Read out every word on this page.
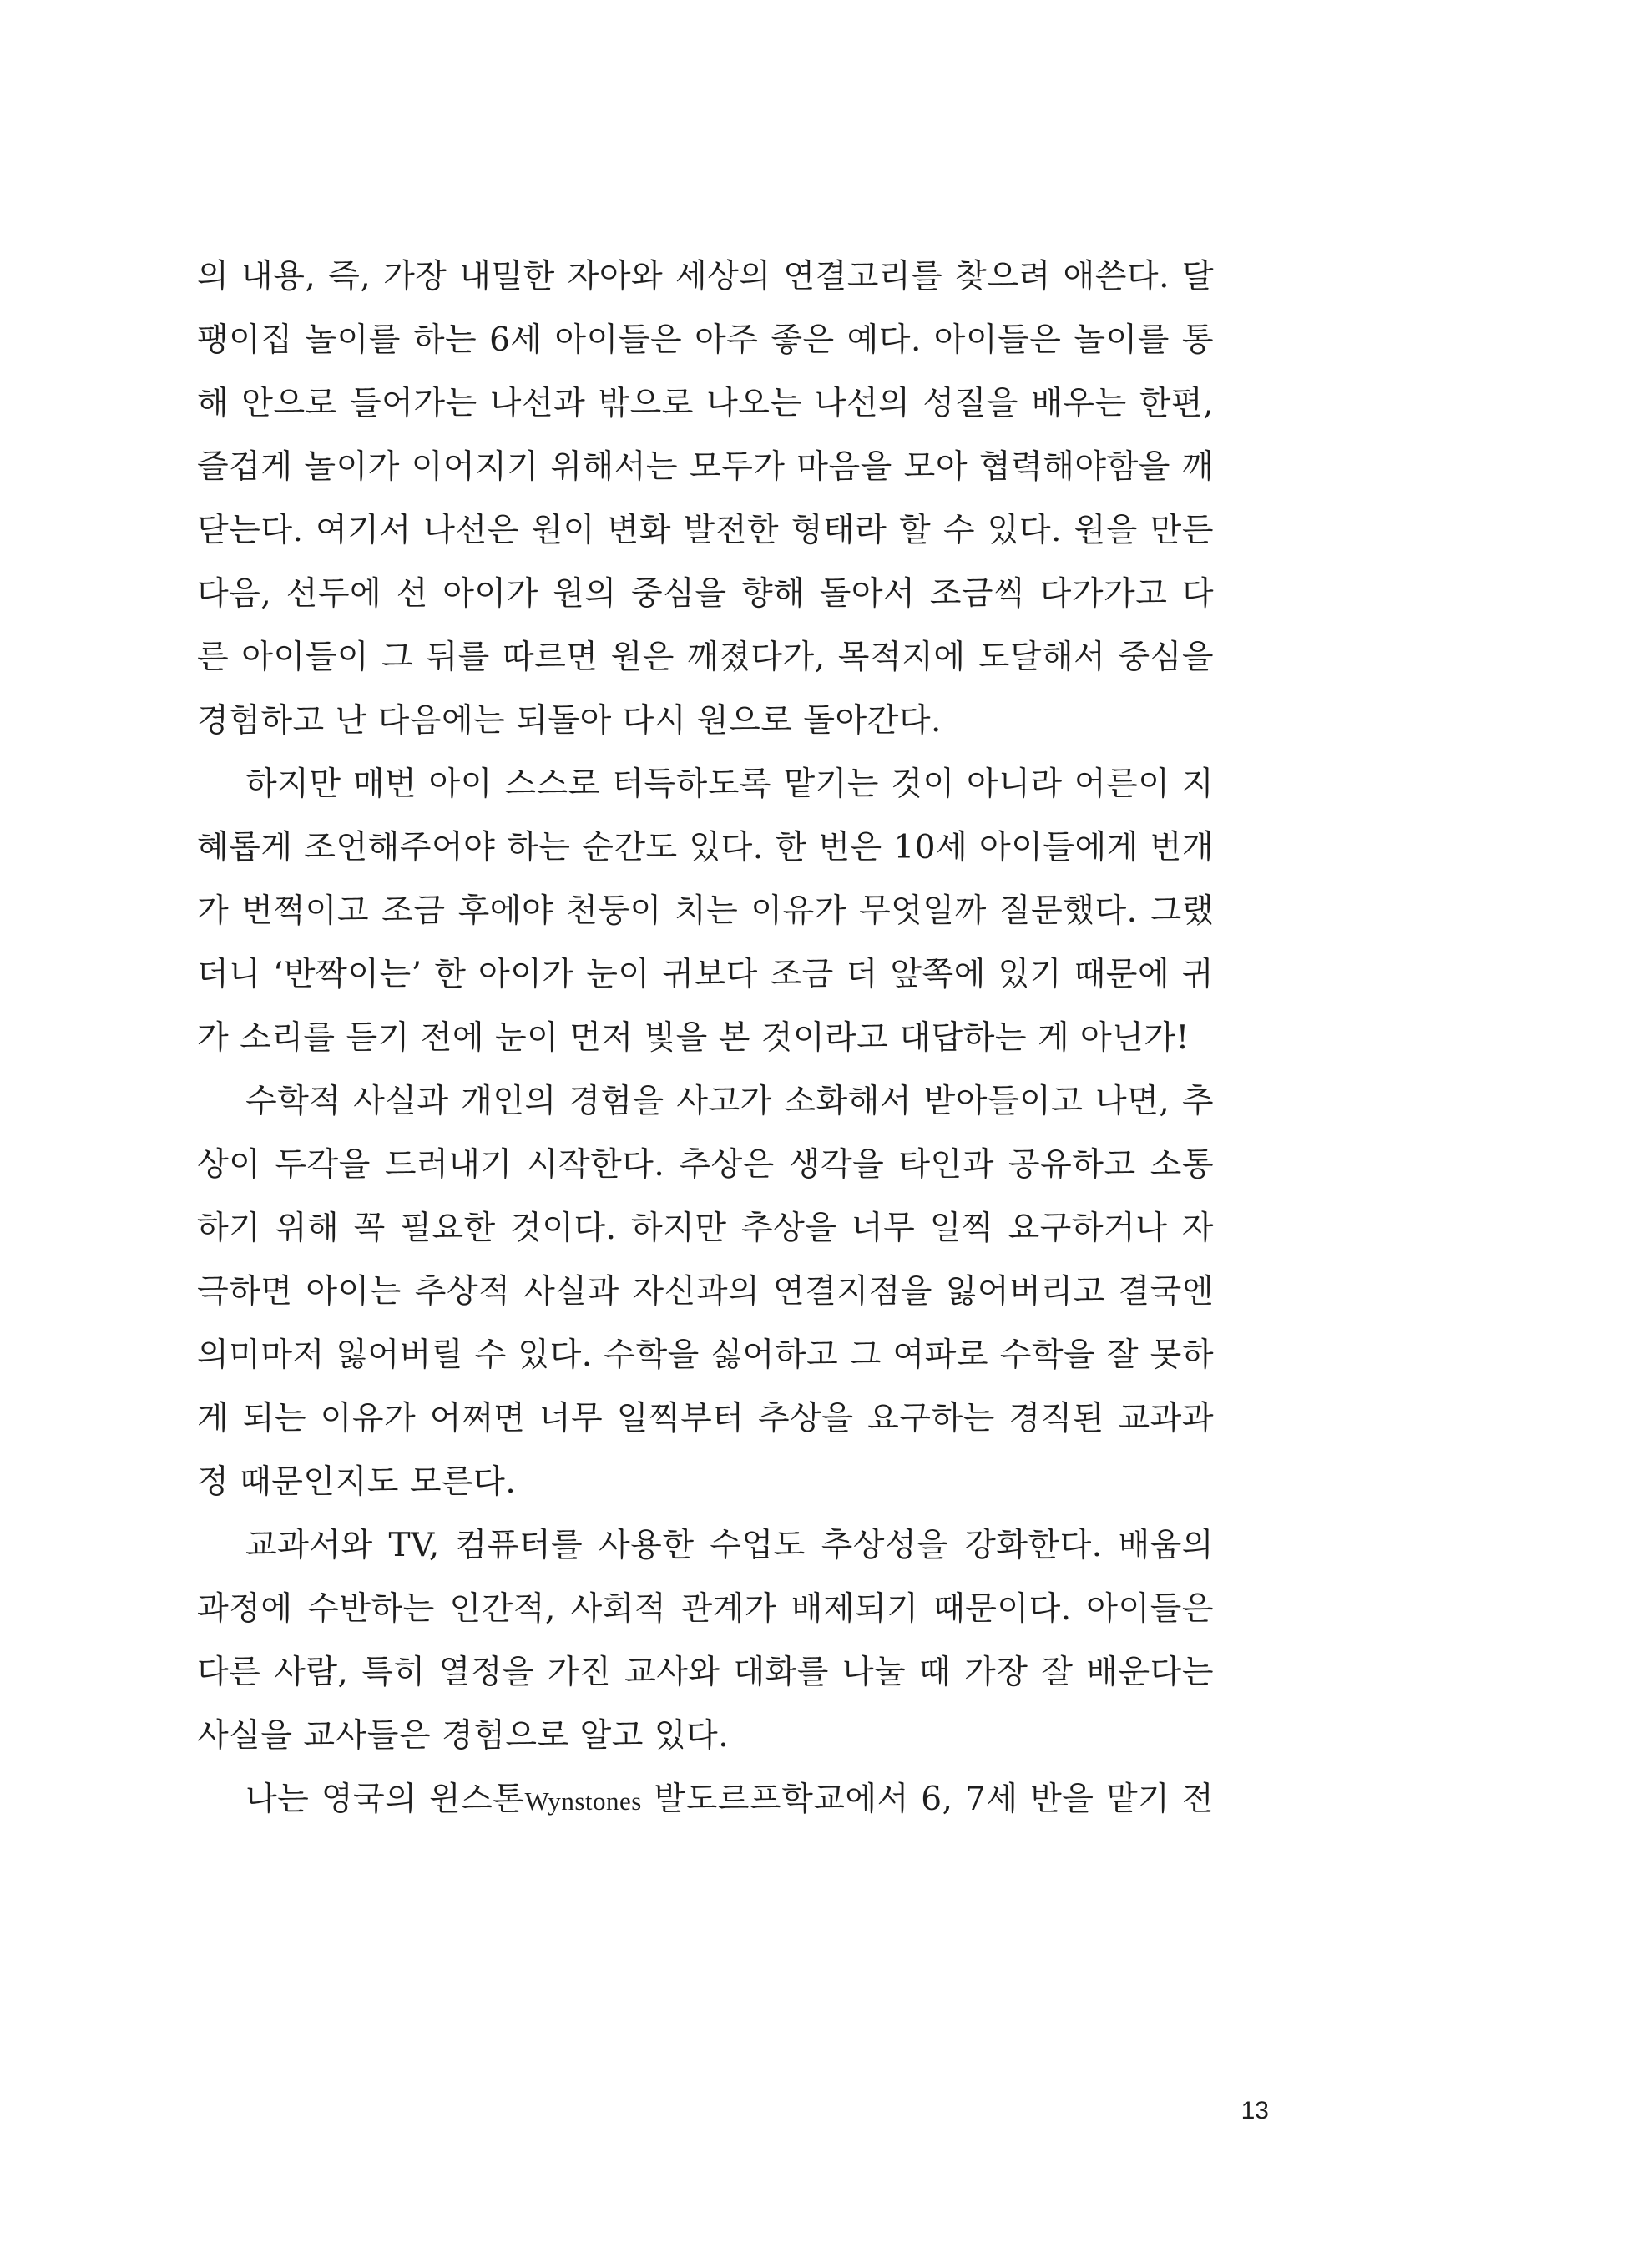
의 내용, 즉, 가장 내밀한 자아와 세상의 연결고리를 찾으려 애쓴다. 달
팽이집 놀이를 하는 6세 아이들은 아주 좋은 예다. 아이들은 놀이를 통
해 안으로 들어가는 나선과 밖으로 나오는 나선의 성질을 배우는 한편,
즐겁게 놀이가 이어지기 위해서는 모두가 마음을 모아 협력해야함을 깨
닫는다. 여기서 나선은 원이 변화 발전한 형태라 할 수 있다. 원을 만든
다음, 선두에 선 아이가 원의 중심을 향해 돌아서 조금씩 다가가고 다
른 아이들이 그 뒤를 따르면 원은 깨졌다가, 목적지에 도달해서 중심을
경험하고 난 다음에는 되돌아 다시 원으로 돌아간다.
하지만 매번 아이 스스로 터득하도록 맡기는 것이 아니라 어른이 지
혜롭게 조언해주어야 하는 순간도 있다. 한 번은 10세 아이들에게 번개
가 번쩍이고 조금 후에야 천둥이 치는 이유가 무엇일까 질문했다. 그랬
더니 ‘반짝이는’ 한 아이가 눈이 귀보다 조금 더 앞쪽에 있기 때문에 귀
가 소리를 듣기 전에 눈이 먼저 빛을 본 것이라고 대답하는 게 아닌가!
수학적 사실과 개인의 경험을 사고가 소화해서 받아들이고 나면, 추
상이 두각을 드러내기 시작한다. 추상은 생각을 타인과 공유하고 소통
하기 위해 꼭 필요한 것이다. 하지만 추상을 너무 일찍 요구하거나 자
극하면 아이는 추상적 사실과 자신과의 연결지점을 잃어버리고 결국엔
의미마저 잃어버릴 수 있다. 수학을 싫어하고 그 여파로 수학을 잘 못하
게 되는 이유가 어쩌면 너무 일찍부터 추상을 요구하는 경직된 교과과
정 때문인지도 모른다.
교과서와 TV, 컴퓨터를 사용한 수업도 추상성을 강화한다. 배움의
과정에 수반하는 인간적, 사회적 관계가 배제되기 때문이다. 아이들은
다른 사람, 특히 열정을 가진 교사와 대화를 나눌 때 가장 잘 배운다는
사실을 교사들은 경험으로 알고 있다.
나는 영국의 윈스톤Wynstones 발도르프학교에서 6, 7세 반을 맡기 전
13
